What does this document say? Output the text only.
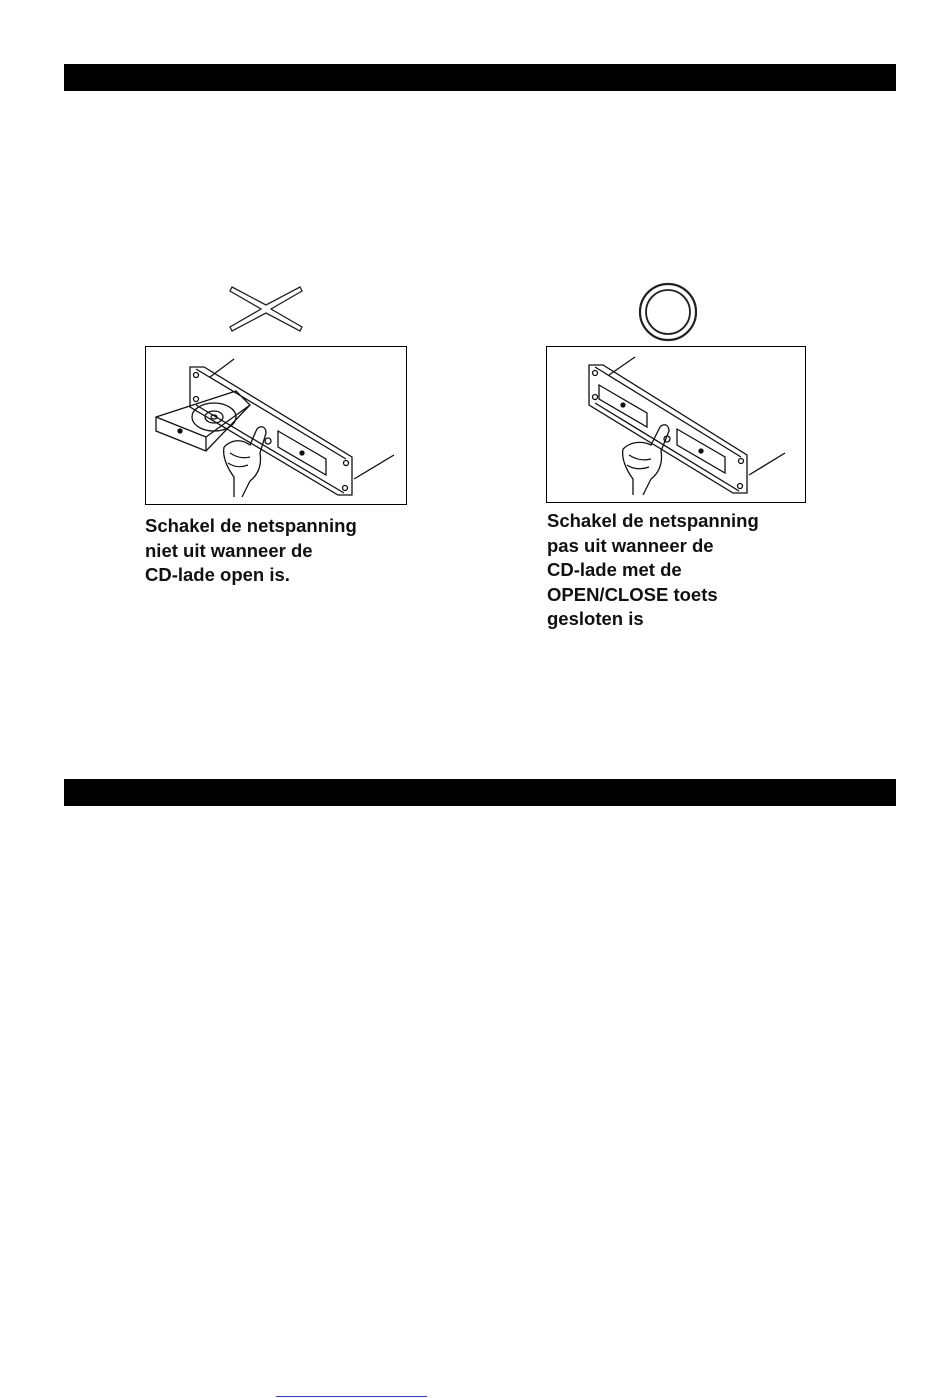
Schakel de netspanning
niet uit wanneer de
CD-lade open is.

Schakel de netspanning
pas uit wanneer de
CD-lade met de
OPEN/CLOSE toets
gesloten is
